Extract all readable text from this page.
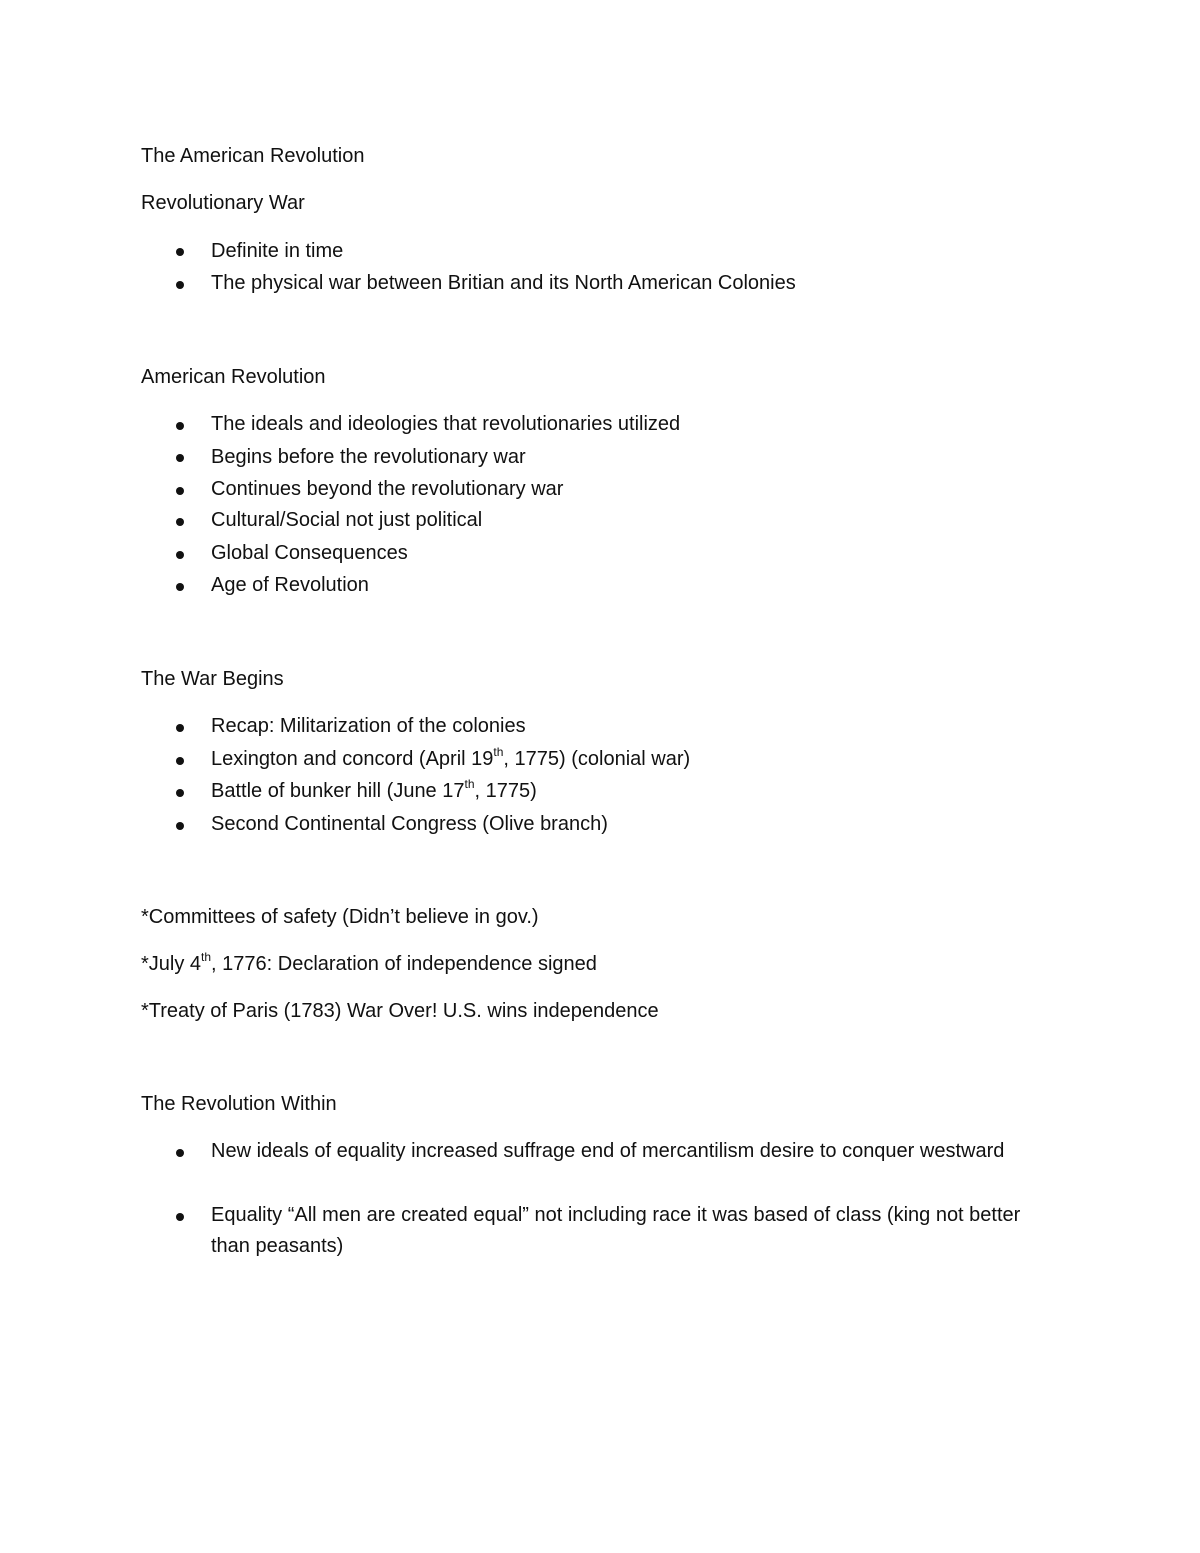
The American Revolution
Revolutionary War
Definite in time
The physical war between Britian and its North American Colonies
American Revolution
The ideals and ideologies that revolutionaries utilized
Begins before the revolutionary war
Continues beyond the revolutionary war
Cultural/Social not just political
Global Consequences
Age of Revolution
The War Begins
Recap: Militarization of the colonies
Lexington and concord (April 19th, 1775) (colonial war)
Battle of bunker hill (June 17th, 1775)
Second Continental Congress (Olive branch)
*Committees of safety (Didn’t believe in gov.)
*July 4th, 1776: Declaration of independence signed
*Treaty of Paris (1783) War Over! U.S. wins independence
The Revolution Within
New ideals of equality increased suffrage end of mercantilism desire to conquer westward
Equality “All men are created equal” not including race it was based of class (king not better than peasants)
